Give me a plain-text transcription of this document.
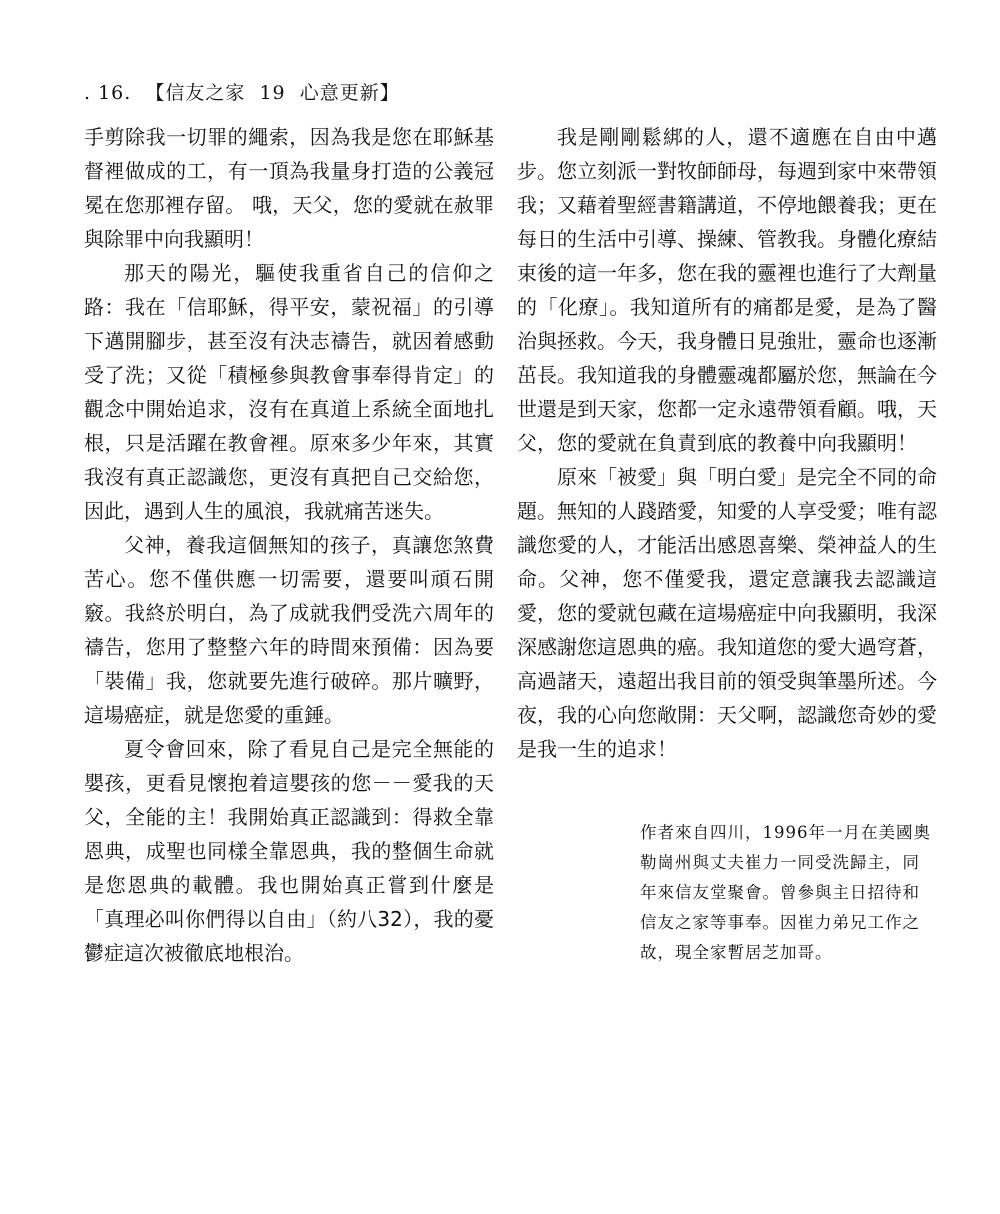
. 16.  【信友之家  19  心意更新】

手剪除我一切罪的繩索，因為我是您在耶穌基督裡做成的工，有一頂為我量身打造的公義冠冕在您那裡存留。 哦，天父，您的愛就在赦罪與除罪中向我顯明！

那天的陽光，驅使我重省自己的信仰之路：我在「信耶穌，得平安，蒙祝福」的引導下邁開腳步，甚至沒有決志禱告，就因着感動受了洗；又從「積極參與教會事奉得肯定」的觀念中開始追求，沒有在真道上系統全面地扎根，只是活躍在教會裡。原來多少年來，其實我沒有真正認識您，更沒有真把自己交給您，因此，遇到人生的風浪，我就痛苦迷失。

父神，養我這個無知的孩子，真讓您煞費苦心。您不僅供應一切需要，還要叫頑石開竅。我終於明白，為了成就我們受洗六周年的禱告，您用了整整六年的時間來預備：因為要「裝備」我，您就要先進行破碎。那片曠野，這場癌症，就是您愛的重錘。

夏令會回來，除了看見自己是完全無能的嬰孩，更看見懷抱着這嬰孩的您－－愛我的天父，全能的主！我開始真正認識到：得救全靠恩典，成聖也同樣全靠恩典，我的整個生命就是您恩典的載體。我也開始真正嘗到什麼是「真理必叫你們得以自由」（約八32），我的憂鬱症這次被徹底地根治。

我是剛剛鬆綁的人，還不適應在自由中邁步。您立刻派一對牧師師母，每週到家中來帶領我；又藉着聖經書籍講道，不停地餵養我；更在每日的生活中引導、操練、管教我。身體化療結束後的這一年多，您在我的靈裡也進行了大劑量的「化療」。我知道所有的痛都是愛，是為了醫治與拯救。今天，我身體日見強壯，靈命也逐漸茁長。我知道我的身體靈魂都屬於您，無論在今世還是到天家，您都一定永遠帶領看顧。哦，天父，您的愛就在負責到底的教養中向我顯明！

原來「被愛」與「明白愛」是完全不同的命題。無知的人踐踏愛，知愛的人享受愛；唯有認識您愛的人，才能活出感恩喜樂、榮神益人的生命。父神，您不僅愛我，還定意讓我去認識這愛，您的愛就包藏在這場癌症中向我顯明，我深深感謝您這恩典的癌。我知道您的愛大過穹蒼，高過諸天，遠超出我目前的領受與筆墨所述。今夜，我的心向您敞開：天父啊，認識您奇妙的愛是我一生的追求！

作者來自四川，1996年一月在美國奧勒崗州與丈夫崔力一同受洗歸主，同年來信友堂聚會。曾參與主日招待和信友之家等事奉。因崔力弟兄工作之故，現全家暫居芝加哥。
